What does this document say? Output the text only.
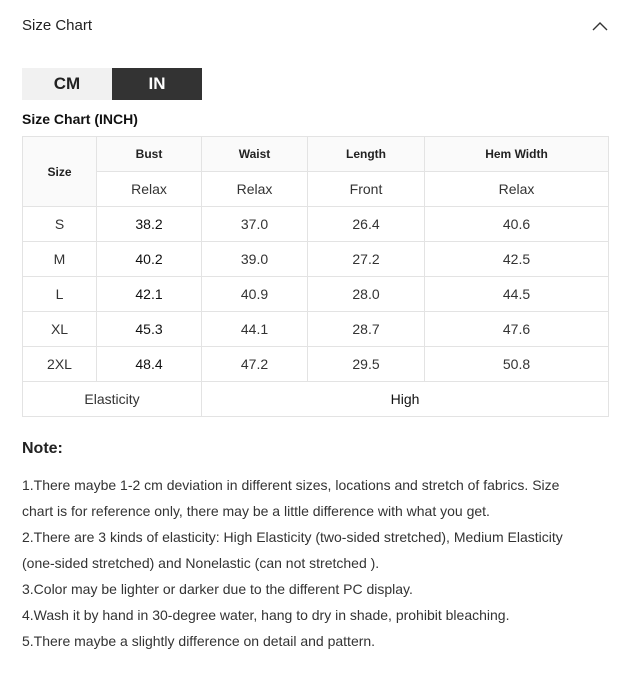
Size Chart
CM	IN
Size Chart (INCH)
Size	Bust	Waist	Length	Hem Width
	Relax	Relax	Front	Relax
S	38.2	37.0	26.4	40.6
M	40.2	39.0	27.2	42.5
L	42.1	40.9	28.0	44.5
XL	45.3	44.1	28.7	47.6
2XL	48.4	47.2	29.5	50.8
Elasticity		High		
Note:

1.There maybe 1-2 cm deviation in different sizes, locations and stretch of fabrics. Size chart is for reference only, there may be a little difference with what you get.

2.There are 3 kinds of elasticity: High Elasticity (two-sided stretched), Medium Elasticity (one-sided stretched) and Nonelastic (can not stretched ).

3.Color may be lighter or darker due to the different PC display.

4.Wash it by hand in 30-degree water, hang to dry in shade, prohibit bleaching.

5.There maybe a slightly difference on detail and pattern.
